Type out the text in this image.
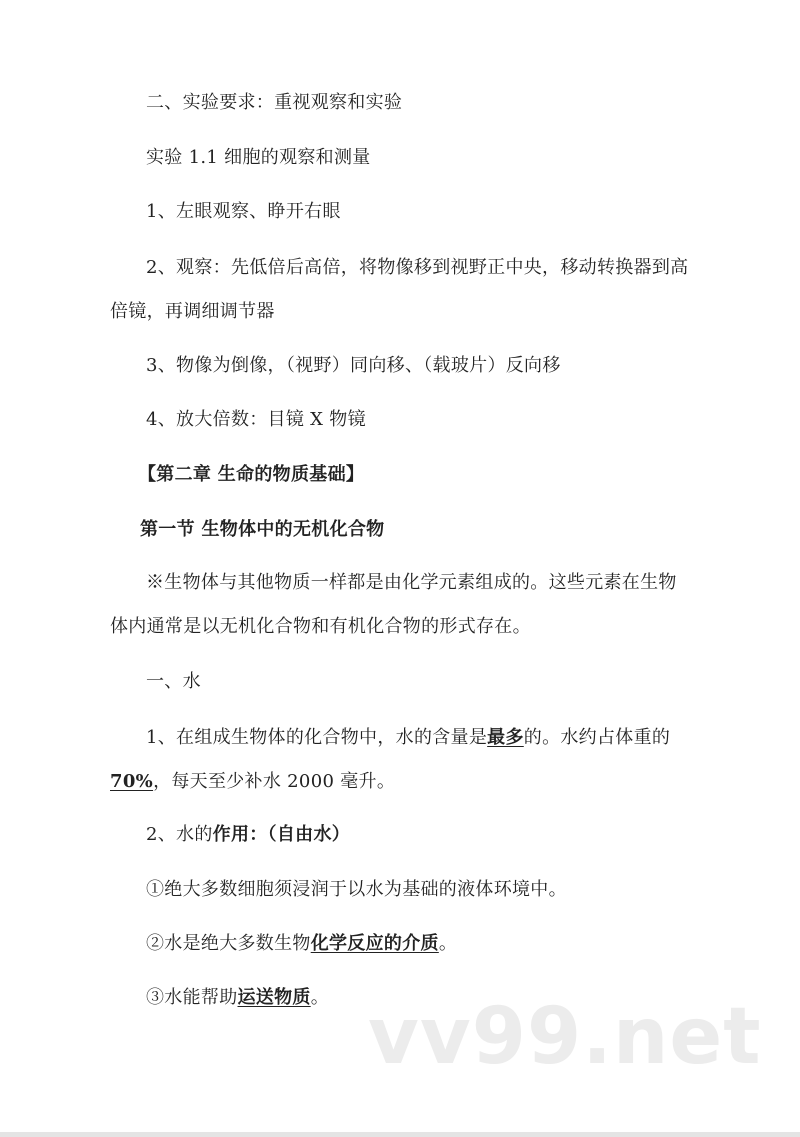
二、实验要求：重视观察和实验
实验 1.1 细胞的观察和测量
1、左眼观察、睁开右眼
2、观察：先低倍后高倍，将物像移到视野正中央，移动转换器到高倍镜，再调细调节器
3、物像为倒像，（视野）同向移、（载玻片）反向移
4、放大倍数：目镜 X 物镜
【第二章 生命的物质基础】
第一节 生物体中的无机化合物
※生物体与其他物质一样都是由化学元素组成的。这些元素在生物体内通常是以无机化合物和有机化合物的形式存在。
一、水
1、在组成生物体的化合物中，水的含量是最多的。水约占体重的70%，每天至少补水 2000 毫升。
2、水的作用：（自由水）
①绝大多数细胞须浸润于以水为基础的液体环境中。
②水是绝大多数生物化学反应的介质。
③水能帮助运送物质。 vv99.net
